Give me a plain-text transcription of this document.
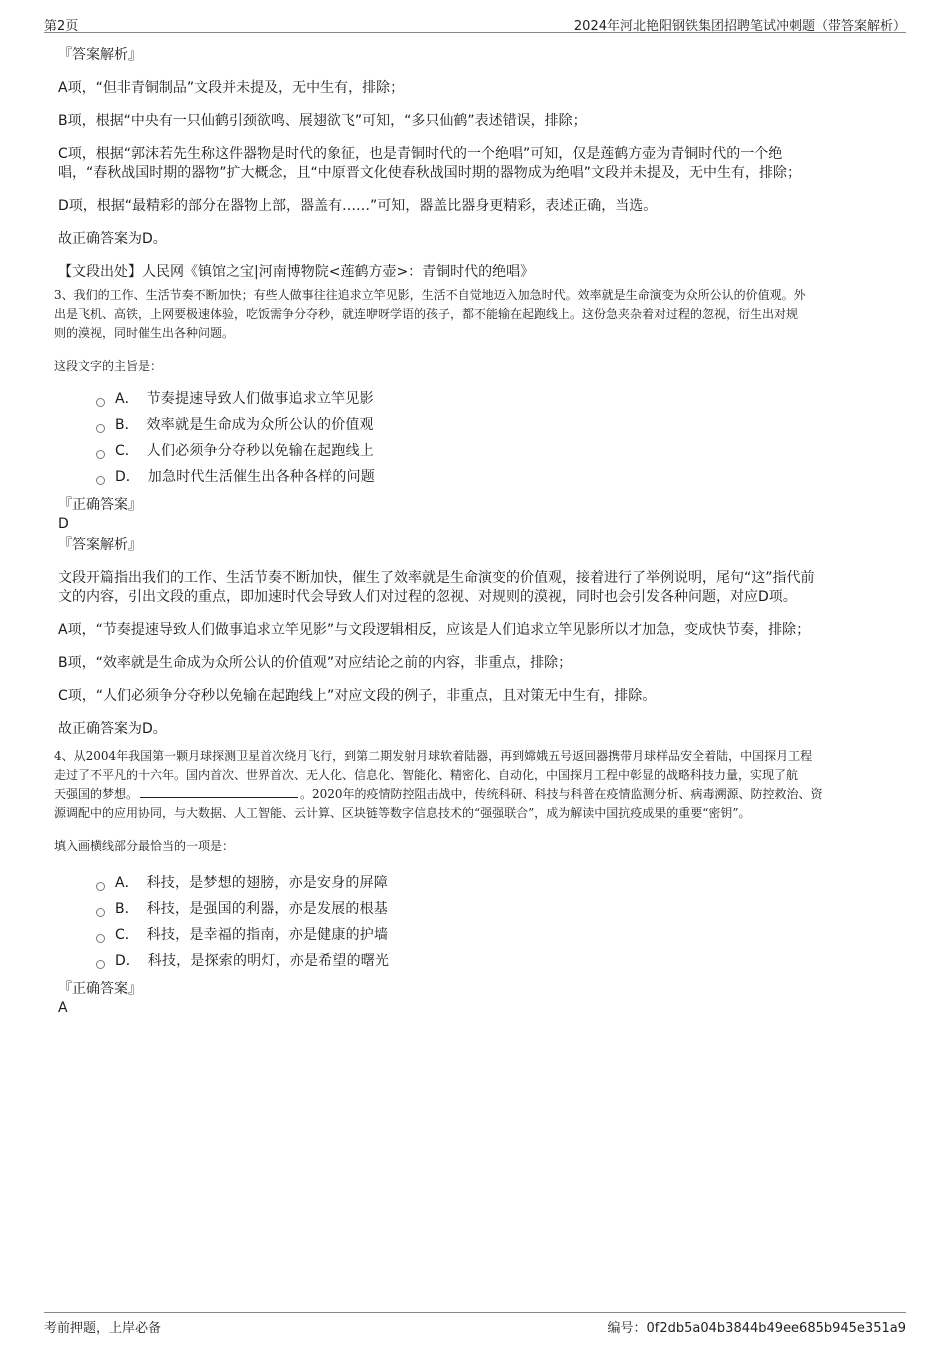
第2页	2024年河北艳阳钢铁集团招聘笔试冲刺题（带答案解析）
『答案解析』
A项，“但非青铜制品”文段并未提及，无中生有，排除；
B项，根据“中央有一只仙鹤引颈欲鸣、展翅欲飞”可知，“多只仙鹤”表述错误，排除；
C项，根据“郭沫若先生称这件器物是时代的象征，也是青铜时代的一个绝唱”可知，仅是莲鹤方壶为青铜时代的一个绝
唱，“春秋战国时期的器物”扩大概念，且“中原晋文化使春秋战国时期的器物成为绝唱”文段并未提及，无中生有，排除；
D项，根据“最精彩的部分在器物上部，器盖有……”可知，器盖比器身更精彩，表述正确，当选。
故正确答案为D。
【文段出处】人民网《镇馆之宝|河南博物院<莲鹤方壶>：青铜时代的绝唱》
3、我们的工作、生活节奏不断加快；有些人做事往往追求立竿见影，生活不自觉地迈入加急时代。效率就是生命演变为众所公认的价值观。外
出是飞机、高铁，上网要极速体验，吃饭需争分夺秒，就连咿呀学语的孩子，都不能输在起跑线上。这份急夹杂着对过程的忽视，衍生出对规
则的漠视，同时催生出各种问题。
这段文字的主旨是：
A． 节奏提速导致人们做事追求立竿见影
B． 效率就是生命成为众所公认的价值观
C． 人们必须争分夺秒以免输在起跑线上
D． 加急时代生活催生出各种各样的问题
『正确答案』
D
『答案解析』
文段开篇指出我们的工作、生活节奏不断加快，催生了效率就是生命演变的价值观，接着进行了举例说明，尾句“这”指代前
文的内容，引出文段的重点，即加速时代会导致人们对过程的忽视、对规则的漠视，同时也会引发各种问题，对应D项。
A项，“节奏提速导致人们做事追求立竿见影”与文段逻辑相反，应该是人们追求立竿见影所以才加急，变成快节奏，排除；
B项，“效率就是生命成为众所公认的价值观”对应结论之前的内容，非重点，排除；
C项，“人们必须争分夺秒以免输在起跑线上”对应文段的例子，非重点，且对策无中生有，排除。
故正确答案为D。
4、从2004年我国第一颗月球探测卫星首次绕月飞行，到第二期发射月球软着陆器，再到嫦娥五号返回器携带月球样品安全着陆，中国探月工程
走过了不平凡的十六年。国内首次、世界首次、无人化、信息化、智能化、精密化、自动化，中国探月工程中彰显的战略科技力量，实现了航
天强国的梦想。	。2020年的疫情防控阻击战中，传统科研、科技与科普在疫情监测分析、病毒溯源、防控救治、资
源调配中的应用协同，与大数据、人工智能、云计算、区块链等数字信息技术的“强强联合”，成为解读中国抗疫成果的重要“密钥”。
填入画横线部分最恰当的一项是：
A． 科技，是梦想的翅膀，亦是安身的屏障
B． 科技，是强国的利器，亦是发展的根基
C． 科技，是幸福的指南，亦是健康的护墙
D． 科技，是探索的明灯，亦是希望的曙光
『正确答案』
A
考前押题，上岸必备	编号：0f2db5a04b3844b49ee685b945e351a9
